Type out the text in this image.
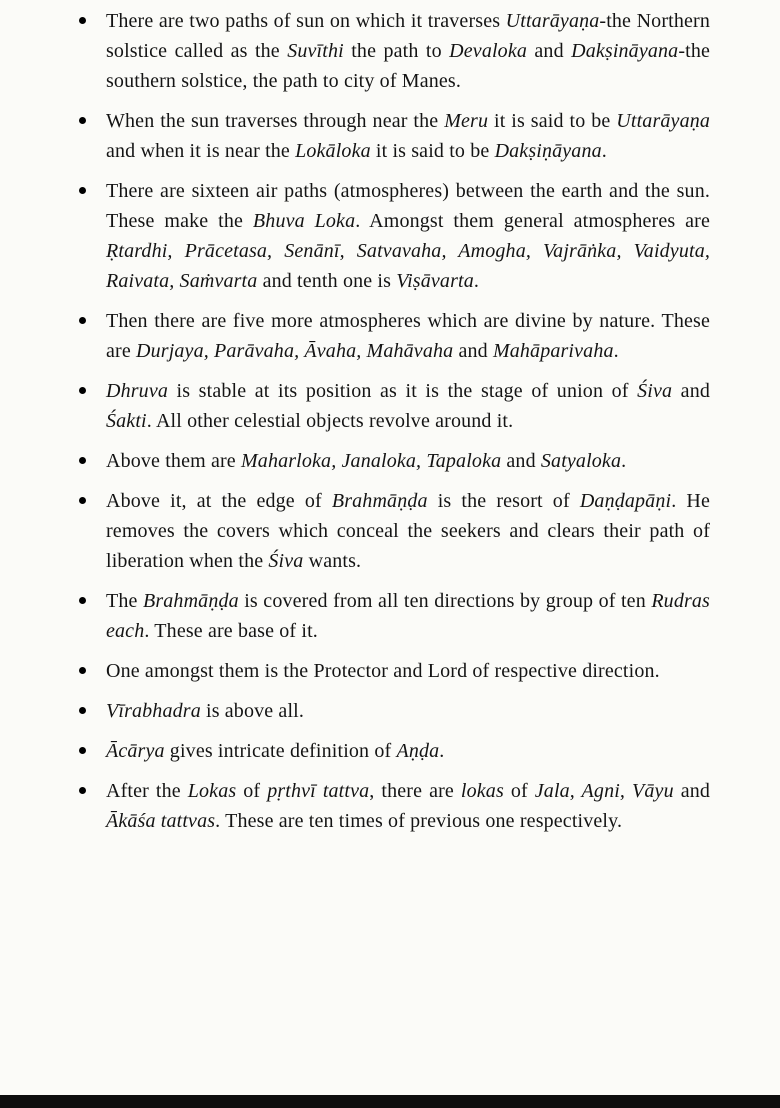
There are two paths of sun on which it traverses Uttarāyaṇa-the Northern solstice called as the Suvīthi the path to Devaloka and Dakṣināyana-the southern solstice, the path to city of Manes.
When the sun traverses through near the Meru it is said to be Uttarāyaṇa and when it is near the Lokāloka it is said to be Dakṣiṇāyana.
There are sixteen air paths (atmospheres) between the earth and the sun. These make the Bhuva Loka. Amongst them general atmospheres are Ṛtardhi, Prācetasa, Senānī, Satvavaha, Amogha, Vajrāṅka, Vaidyuta, Raivata, Saṁvarta and tenth one is Viṣāvarta.
Then there are five more atmospheres which are divine by nature. These are Durjaya, Parāvaha, Āvaha, Mahāvaha and Mahāparivaha.
Dhruva is stable at its position as it is the stage of union of Śiva and Śakti. All other celestial objects revolve around it.
Above them are Maharloka, Janaloka, Tapaloka and Satyaloka.
Above it, at the edge of Brahmāṇḍa is the resort of Daṇḍapāṇi. He removes the covers which conceal the seekers and clears their path of liberation when the Śiva wants.
The Brahmāṇḍa is covered from all ten directions by group of ten Rudras each. These are base of it.
One amongst them is the Protector and Lord of respective direction.
Vīrabhadra is above all.
Ācārya gives intricate definition of Aṇḍa.
After the Lokas of pṛthvī tattva, there are lokas of Jala, Agni, Vāyu and Ākāśa tattvas. These are ten times of previous one respectively.
